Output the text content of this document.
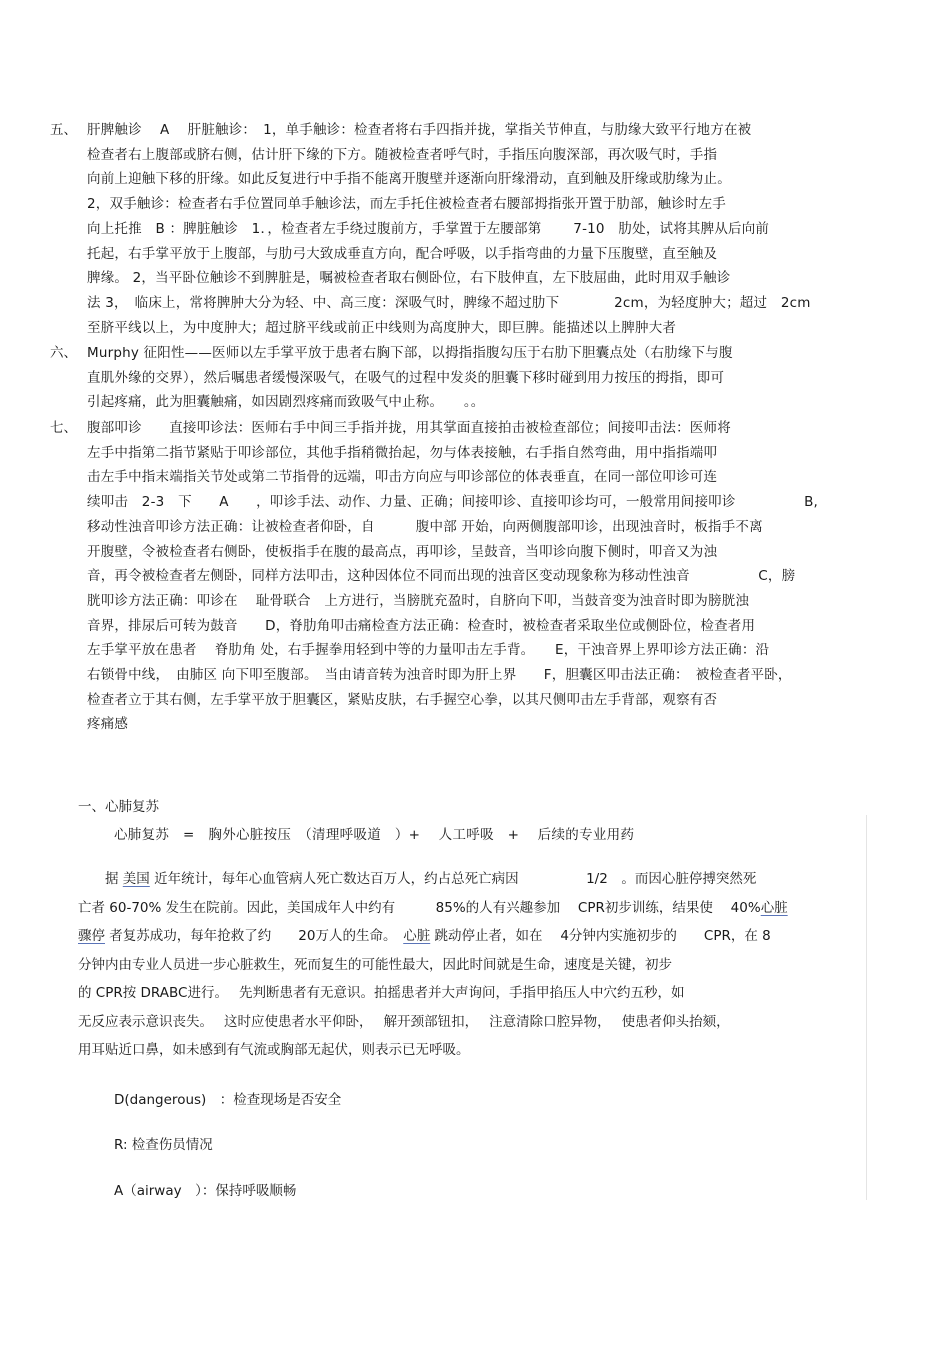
五、 肝脾触诊　 A　 肝脏触诊：　1，单手触诊：检查者将右手四指并拢，掌指关节伸直，与肋缘大致平行地方在被
检查者右上腹部或脐右侧，估计肝下缘的下方。随被检查者呼气时，手指压向腹深部，再次吸气时，手指
向前上迎触下移的肝缘。如此反复进行中手指不能离开腹壁并逐渐向肝缘滑动，直到触及肝缘或肋缘为止。
2，双手触诊：检查者右手位置同单手触诊法，而左手托住被检查者右腰部拇指张开置于肋部，触诊时左手
向上托推　B ：脾脏触诊　1．，检查者左手绕过腹前方，手掌置于左腰部第　　 7-10　肋处，试将其脾从后向前
托起，右手掌平放于上腹部，与肋弓大致成垂直方向，配合呼吸，以手指弯曲的力量下压腹壁，直至触及
脾缘。 2，当平卧位触诊不到脾脏是，嘱被检查者取右侧卧位，右下肢伸直，左下肢屈曲，此时用双手触诊
法 3，　临床上，常将脾肿大分为轻、中、高三度：深吸气时，脾缘不超过肋下　　　　2cm，为轻度肿大；超过　2cm
至脐平线以上，为中度肿大；超过脐平线或前正中线则为高度肿大，即巨脾。能描述以上脾肿大者
六、 Murphy 征阳性——医师以左手掌平放于患者右胸下部，以拇指指腹勾压于右肋下胆囊点处（右肋缘下与腹
直肌外缘的交界），然后嘱患者缓慢深吸气，在吸气的过程中发炎的胆囊下移时碰到用力按压的拇指，即可
引起疼痛，此为胆囊触痛，如因剧烈疼痛而致吸气中止称。　　。。
七、 腹部叩诊　　直接叩诊法：医师右手中间三手指并拢，用其掌面直接拍击被检查部位；间接叩击法：医师将
左手中指第二指节紧贴于叩诊部位，其他手指稍微抬起，勿与体表接触，右手指自然弯曲，用中指指端叩
击左手中指末端指关节处或第二节指骨的远端，叩击方向应与叩诊部位的体表垂直，在同一部位叩诊可连
续叩击　2-3　下　　A　　，叩诊手法、动作、力量、正确；间接叩诊、直接叩诊均可，一般常用间接叩诊　　　　　B,
移动性浊音叩诊方法正确：让被检查者仰卧，自　　　腹中部 开始，向两侧腹部叩诊，出现浊音时，板指手不离
开腹壁，令被检查者右侧卧，使板指手在腹的最高点，再叩诊，呈鼓音，当叩诊向腹下侧时，叩音又为浊
音，再令被检查者左侧卧，同样方法叩击，这种因体位不同而出现的浊音区变动现象称为移动性浊音　　　　　C，膀
胱叩诊方法正确：叩诊在　 耻骨联合　上方进行，当膀胱充盈时，自脐向下叩，当鼓音变为浊音时即为膀胱浊
音界，排尿后可转为鼓音　　D，脊肋角叩击痛检查方法正确：检查时，被检查者采取坐位或侧卧位，检查者用
左手掌平放在患者　 脊肋角 处，右手握拳用轻到中等的力量叩击左手背。　　E，干浊音界上界叩诊方法正确：沿
右锁骨中线，　由肺区 向下叩至腹部。　当由请音转为浊音时即为肝上界　　F，胆囊区叩击法正确：　被检查者平卧，
检查者立于其右侧，左手掌平放于胆囊区，紧贴皮肤，右手握空心拳，以其尺侧叩击左手背部，观察有否
疼痛感
一、心肺复苏
心肺复苏　=　胸外心脏按压　（清理呼吸道　）+　 人工呼吸　+　 后续的专业用药
　　据 美国 近年统计，每年心血管病人死亡数达百万人，约占总死亡病因　　　　　1/2　。而因心脏停搏突然死
亡者 60-70% 发生在院前。因此，美国成年人中约有　　　85%的人有兴趣参加　 CPR初步训练，结果使　 40%心脏
骤停 者复苏成功，每年抢救了约　　20万人的生命。　心脏 跳动停止者，如在　 4分钟内实施初步的　　CPR，在 8
分钟内由专业人员进一步心脏救生，死而复生的可能性最大，因此时间就是生命，速度是关键，初步
的 CPR按 DRABC进行。　 先判断患者有无意识。拍摇患者并大声询问，手指甲掐压人中穴约五秒，如
无反应表示意识丧失。　 这时应使患者水平仰卧，　 解开颈部钮扣，　 注意清除口腔异物，　 使患者仰头抬颏，
用耳贴近口鼻，如未感到有气流或胸部无起伏，则表示已无呼吸。
D(dangerous)　：检查现场是否安全
R: 检查伤员情况
A（airway　）：保持呼吸顺畅
